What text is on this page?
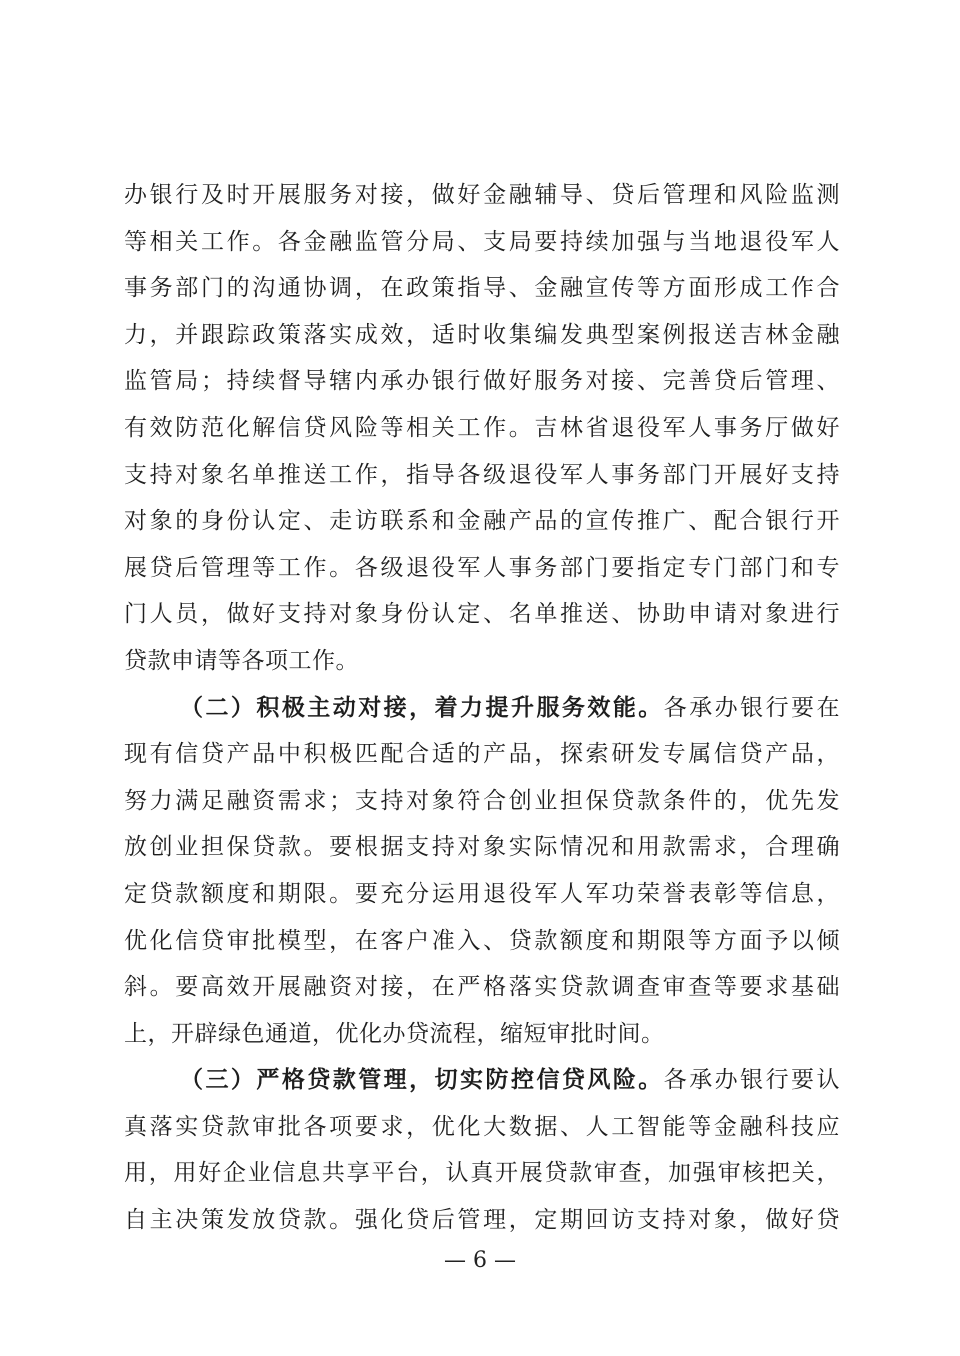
办银行及时开展服务对接，做好金融辅导、贷后管理和风险监测
等相关工作。各金融监管分局、支局要持续加强与当地退役军人
事务部门的沟通协调，在政策指导、金融宣传等方面形成工作合
力，并跟踪政策落实成效，适时收集编发典型案例报送吉林金融
监管局；持续督导辖内承办银行做好服务对接、完善贷后管理、
有效防范化解信贷风险等相关工作。吉林省退役军人事务厅做好
支持对象名单推送工作，指导各级退役军人事务部门开展好支持
对象的身份认定、走访联系和金融产品的宣传推广、配合银行开
展贷后管理等工作。各级退役军人事务部门要指定专门部门和专
门人员，做好支持对象身份认定、名单推送、协助申请对象进行
贷款申请等各项工作。
（二）积极主动对接，着力提升服务效能。各承办银行要在
现有信贷产品中积极匹配合适的产品，探索研发专属信贷产品，
努力满足融资需求；支持对象符合创业担保贷款条件的，优先发
放创业担保贷款。要根据支持对象实际情况和用款需求，合理确
定贷款额度和期限。要充分运用退役军人军功荣誉表彰等信息，
优化信贷审批模型，在客户准入、贷款额度和期限等方面予以倾
斜。要高效开展融资对接，在严格落实贷款调查审查等要求基础
上，开辟绿色通道，优化办贷流程，缩短审批时间。
（三）严格贷款管理，切实防控信贷风险。各承办银行要认
真落实贷款审批各项要求，优化大数据、人工智能等金融科技应
用，用好企业信息共享平台，认真开展贷款审查，加强审核把关，
自主决策发放贷款。强化贷后管理，定期回访支持对象，做好贷
— 6 —
